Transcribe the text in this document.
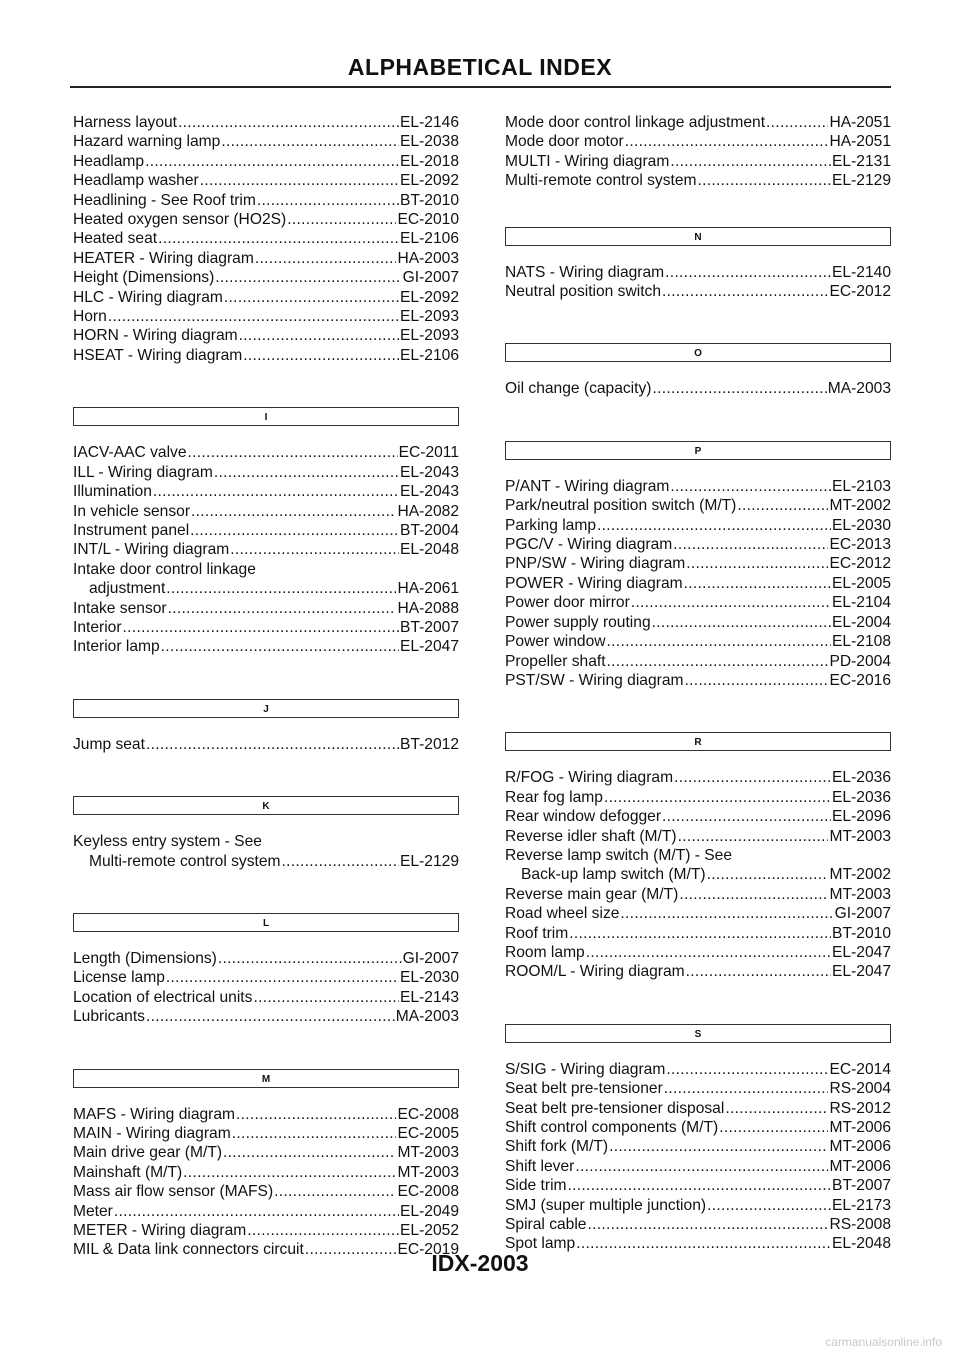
ALPHABETICAL INDEX
Harness layout .....	EL-2146
Hazard warning lamp .....	EL-2038
Headlamp .....	EL-2018
Headlamp washer .....	EL-2092
Headlining - See Roof trim .....	BT-2010
Heated oxygen sensor (HO2S) .....	EC-2010
Heated seat .....	EL-2106
HEATER - Wiring diagram .....	HA-2003
Height (Dimensions) .....	GI-2007
HLC - Wiring diagram .....	EL-2092
Horn .....	EL-2093
HORN - Wiring diagram .....	EL-2093
HSEAT - Wiring diagram .....	EL-2106
I
IACV-AAC valve .....	EC-2011
ILL - Wiring diagram .....	EL-2043
Illumination .....	EL-2043
In vehicle sensor .....	HA-2082
Instrument panel .....	BT-2004
INT/L - Wiring diagram .....	EL-2048
Intake door control linkage
adjustment .....	HA-2061
Intake sensor .....	HA-2088
Interior .....	BT-2007
Interior lamp .....	EL-2047
J
Jump seat .....	BT-2012
K
Keyless entry system - See
Multi-remote control system .....	EL-2129
L
Length (Dimensions) .....	GI-2007
License lamp .....	EL-2030
Location of electrical units .....	EL-2143
Lubricants .....	MA-2003
M
MAFS - Wiring diagram .....	EC-2008
MAIN - Wiring diagram .....	EC-2005
Main drive gear (M/T) .....	MT-2003
Mainshaft (M/T) .....	MT-2003
Mass air flow sensor (MAFS) .....	EC-2008
Meter .....	EL-2049
METER - Wiring diagram .....	EL-2052
MIL & Data link connectors circuit .....	EC-2019
Mode door control linkage adjustment .....	HA-2051
Mode door motor .....	HA-2051
MULTI - Wiring diagram .....	EL-2131
Multi-remote control system .....	EL-2129
N
NATS - Wiring diagram .....	EL-2140
Neutral position switch .....	EC-2012
O
Oil change (capacity) .....	MA-2003
P
P/ANT - Wiring diagram .....	EL-2103
Park/neutral position switch (M/T) .....	MT-2002
Parking lamp .....	EL-2030
PGC/V - Wiring diagram .....	EC-2013
PNP/SW - Wiring diagram .....	EC-2012
POWER - Wiring diagram .....	EL-2005
Power door mirror .....	EL-2104
Power supply routing .....	EL-2004
Power window .....	EL-2108
Propeller shaft .....	PD-2004
PST/SW - Wiring diagram .....	EC-2016
R
R/FOG - Wiring diagram .....	EL-2036
Rear fog lamp .....	EL-2036
Rear window defogger .....	EL-2096
Reverse idler shaft (M/T) .....	MT-2003
Reverse lamp switch (M/T) - See
Back-up lamp switch (M/T) .....	MT-2002
Reverse main gear (M/T) .....	MT-2003
Road wheel size .....	GI-2007
Roof trim .....	BT-2010
Room lamp .....	EL-2047
ROOM/L - Wiring diagram .....	EL-2047
S
S/SIG - Wiring diagram .....	EC-2014
Seat belt pre-tensioner .....	RS-2004
Seat belt pre-tensioner disposal .....	RS-2012
Shift control components (M/T) .....	MT-2006
Shift fork (M/T) .....	MT-2006
Shift lever .....	MT-2006
Side trim .....	BT-2007
SMJ (super multiple junction) .....	EL-2173
Spiral cable .....	RS-2008
Spot lamp .....	EL-2048
IDX-2003
carmanualsonline.info
